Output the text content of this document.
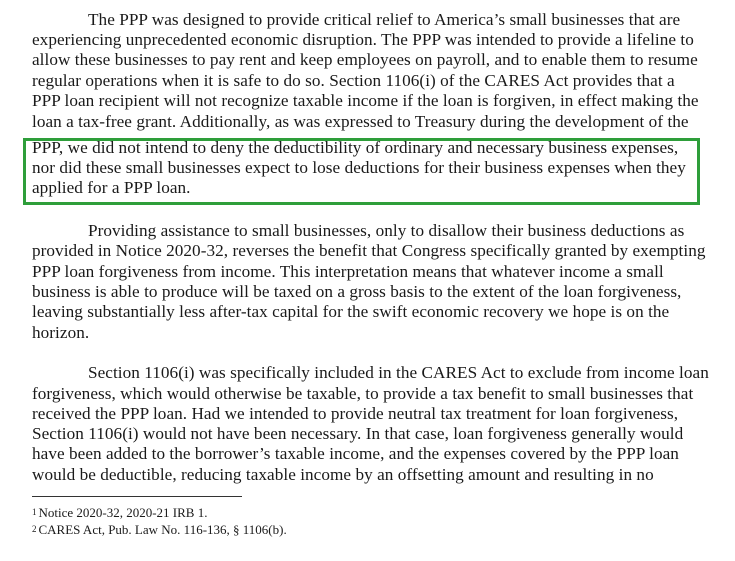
The PPP was designed to provide critical relief to America’s small businesses that are
experiencing unprecedented economic disruption. The PPP was intended to provide a lifeline to
allow these businesses to pay rent and keep employees on payroll, and to enable them to resume
regular operations when it is safe to do so. Section 1106(i) of the CARES Act provides that a
PPP loan recipient will not recognize taxable income if the loan is forgiven, in effect making the
loan a tax-free grant. Additionally, as was expressed to Treasury during the development of the
PPP, we did not intend to deny the deductibility of ordinary and necessary business expenses,
nor did these small businesses expect to lose deductions for their business expenses when they
applied for a PPP loan.
Providing assistance to small businesses, only to disallow their business deductions as
provided in Notice 2020-32, reverses the benefit that Congress specifically granted by exempting
PPP loan forgiveness from income. This interpretation means that whatever income a small
business is able to produce will be taxed on a gross basis to the extent of the loan forgiveness,
leaving substantially less after-tax capital for the swift economic recovery we hope is on the
horizon.
Section 1106(i) was specifically included in the CARES Act to exclude from income loan
forgiveness, which would otherwise be taxable, to provide a tax benefit to small businesses that
received the PPP loan. Had we intended to provide neutral tax treatment for loan forgiveness,
Section 1106(i) would not have been necessary. In that case, loan forgiveness generally would
have been added to the borrower’s taxable income, and the expenses covered by the PPP loan
would be deductible, reducing taxable income by an offsetting amount and resulting in no
$^1$ Notice 2020-32, 2020-21 IRB 1.
$^2$ CARES Act, Pub. Law No. 116-136, § 1106(b).
